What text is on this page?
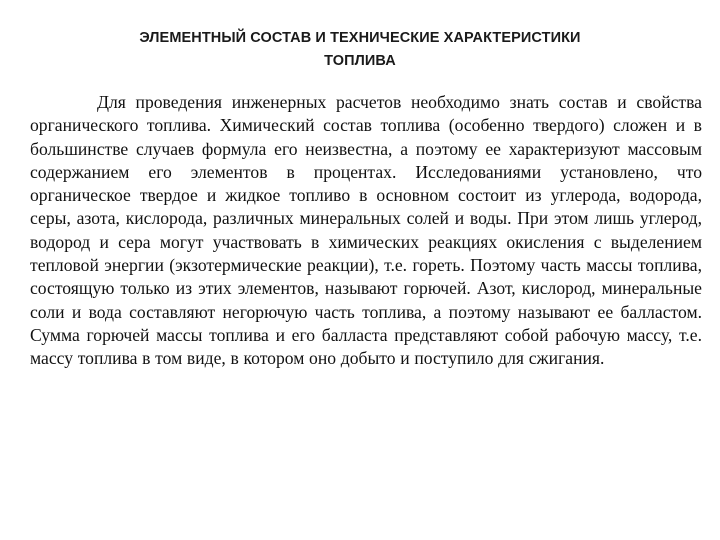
ЭЛЕМЕНТНЫЙ СОСТАВ И ТЕХНИЧЕСКИЕ ХАРАКТЕРИСТИКИ
ТОПЛИВА

Для проведения инженерных расчетов необходимо знать состав и свойства органического топлива. Химический состав топлива (особенно твердого) сложен и в большинстве случаев формула его неизвестна, а поэтому ее характеризуют массовым содержанием его элементов в процентах. Исследованиями установлено, что органическое твердое и жидкое топливо в основном состоит из углерода, водорода, серы, азота, кислорода, различных минеральных солей и воды. При этом лишь углерод, водород и сера могут участвовать в химических реакциях окисления с выделением тепловой энергии (экзотермические реакции), т.е. гореть. Поэтому часть массы топлива, состоящую только из этих элементов, называют горючей. Азот, кислород, минеральные соли и вода составляют негорючую часть топлива, а поэтому называют ее балластом. Сумма горючей массы топлива и его балласта представляют собой рабочую массу, т.е. массу топлива в том виде, в котором оно добыто и поступило для сжигания.
